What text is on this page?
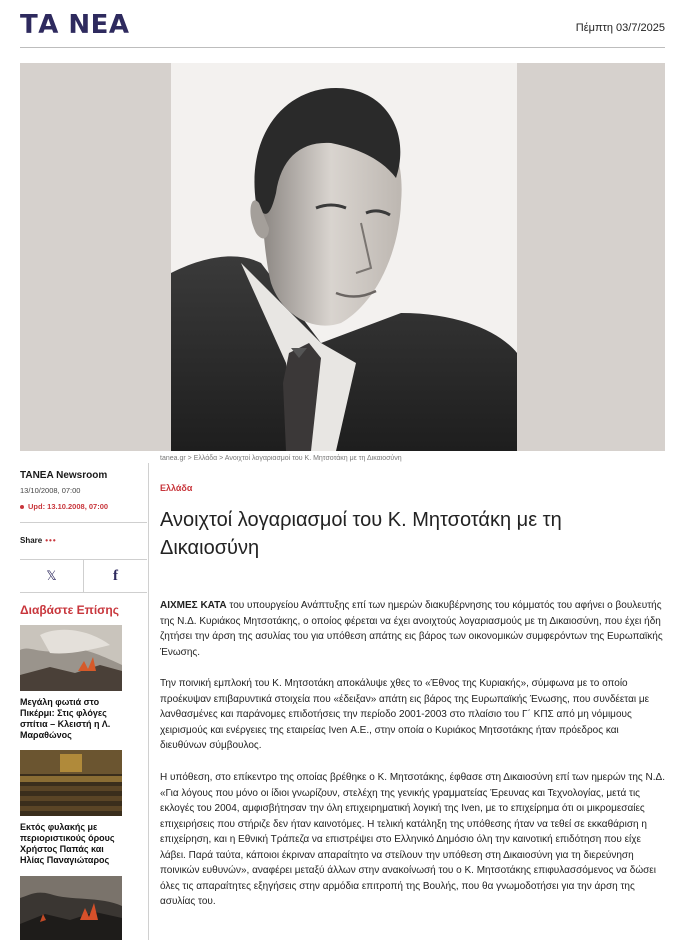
ΤΑ ΝΕΑ	Πέμπτη 03/7/2025
tanea.gr > Ελλάδα > Ανοιχτοί λογαριασμοί του Κ. Μητσοτάκη με τη Δικαιοσύνη
TANEA Newsroom
13/10/2008, 07:00
Upd: 13.10.2008, 07:00
Share •••
𝕏	f
Διαβάστε Επίσης
Μεγάλη φωτιά στο Πικέρμι: Στις φλόγες σπίτια – Κλειστή η Λ. Μαραθώνος
Εκτός φυλακής με περιοριστικούς όρους Χρήστος Παπάς και Ηλίας Παναγιώταρος
Ελλάδα
Ανοιχτοί λογαριασμοί του Κ. Μητσοτάκη με τη Δικαιοσύνη

ΑΙΧΜΕΣ ΚΑΤΑ του υπουργείου Ανάπτυξης επί των ημερών διακυβέρνησης του κόμματός του αφήνει ο βουλευτής της Ν.Δ. Κυριάκος Μητσοτάκης, ο οποίος φέρεται να έχει ανοιχτούς λογαριασμούς με τη Δικαιοσύνη, που έχει ήδη ζητήσει την άρση της ασυλίας του για υπόθεση απάτης εις βάρος των οικονομικών συμφερόντων της Ευρωπαϊκής Ένωσης.

Την ποινική εμπλοκή του Κ. Μητσοτάκη αποκάλυψε χθες το «Έθνος της Κυριακής», σύμφωνα με το οποίο προέκυψαν επιβαρυντικά στοιχεία που «έδειξαν» απάτη εις βάρος της Ευρωπαϊκής Ένωσης, που συνδέεται με λανθασμένες και παράνομες επιδοτήσεις την περίοδο 2001-2003 στο πλαίσιο του Γ΄ ΚΠΣ από μη νόμιμους χειρισμούς και ενέργειες της εταιρείας Iven Α.Ε., στην οποία ο Κυριάκος Μητσοτάκης ήταν πρόεδρος και διευθύνων σύμβουλος.

Η υπόθεση, στο επίκεντρο της οποίας βρέθηκε ο Κ. Μητσοτάκης, έφθασε στη Δικαιοσύνη επί των ημερών της Ν.Δ. «Για λόγους που μόνο οι ίδιοι γνωρίζουν, στελέχη της γενικής γραμματείας Έρευνας και Τεχνολογίας, μετά τις εκλογές του 2004, αμφισβήτησαν την όλη επιχειρηματική λογική της Iven, με το επιχείρημα ότι οι μικρομεσαίες επιχειρήσεις που στήριζε δεν ήταν καινοτόμες. Η τελική κατάληξη της υπόθεσης ήταν να τεθεί σε εκκαθάριση η επιχείρηση, και η Εθνική Τράπεζα να επιστρέψει στο Ελληνικό Δημόσιο όλη την καινοτική επιδότηση που είχε λάβει. Παρά ταύτα, κάποιοι έκριναν απαραίτητο να στείλουν την υπόθεση στη Δικαιοσύνη για τη διερεύνηση ποινικών ευθυνών», αναφέρει μεταξύ άλλων στην ανακοίνωσή του ο Κ. Μητσοτάκης επιφυλασσόμενος να δώσει όλες τις απαραίτητες εξηγήσεις στην αρμόδια επιτροπή της Βουλής, που θα γνωμοδοτήσει για την άρση της ασυλίας του.
